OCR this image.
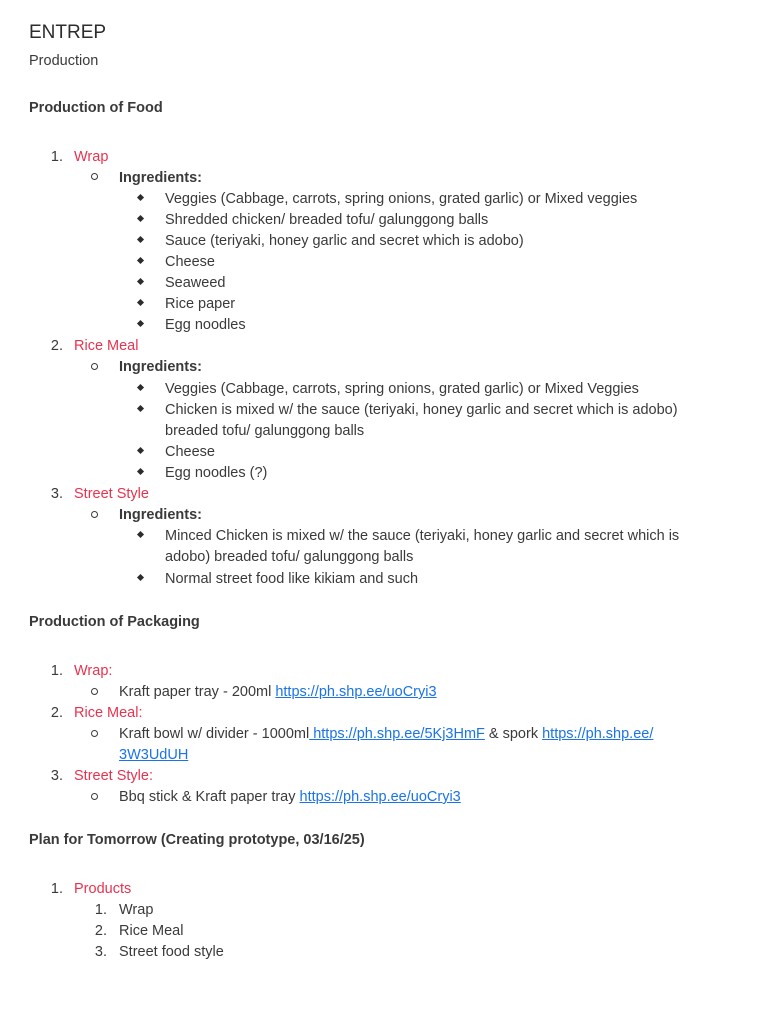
ENTREP
Production
Production of Food
1. Wrap
Ingredients:
Veggies (Cabbage, carrots, spring onions, grated garlic) or Mixed veggies
Shredded chicken/ breaded tofu/ galunggong balls
Sauce (teriyaki, honey garlic and secret which is adobo)
Cheese
Seaweed
Rice paper
Egg noodles
2. Rice Meal
Ingredients:
Veggies (Cabbage, carrots, spring onions, grated garlic) or Mixed Veggies
Chicken is mixed w/ the sauce (teriyaki, honey garlic and secret which is adobo)
breaded tofu/ galunggong balls
Cheese
Egg noodles (?)
3. Street Style
Ingredients:
Minced Chicken is mixed w/ the sauce (teriyaki, honey garlic and secret which is
adobo) breaded tofu/ galunggong balls
Normal street food like kikiam and such
Production of Packaging
1. Wrap:
Kraft paper tray - 200ml https://ph.shp.ee/uoCryi3
2. Rice Meal:
Kraft bowl w/ divider - 1000ml https://ph.shp.ee/5Kj3HmF & spork https://ph.shp.ee/
3W3UdUH
3. Street Style:
Bbq stick & Kraft paper tray https://ph.shp.ee/uoCryi3
Plan for Tomorrow (Creating prototype, 03/16/25)
1. Products
1. Wrap
2. Rice Meal
3. Street food style
